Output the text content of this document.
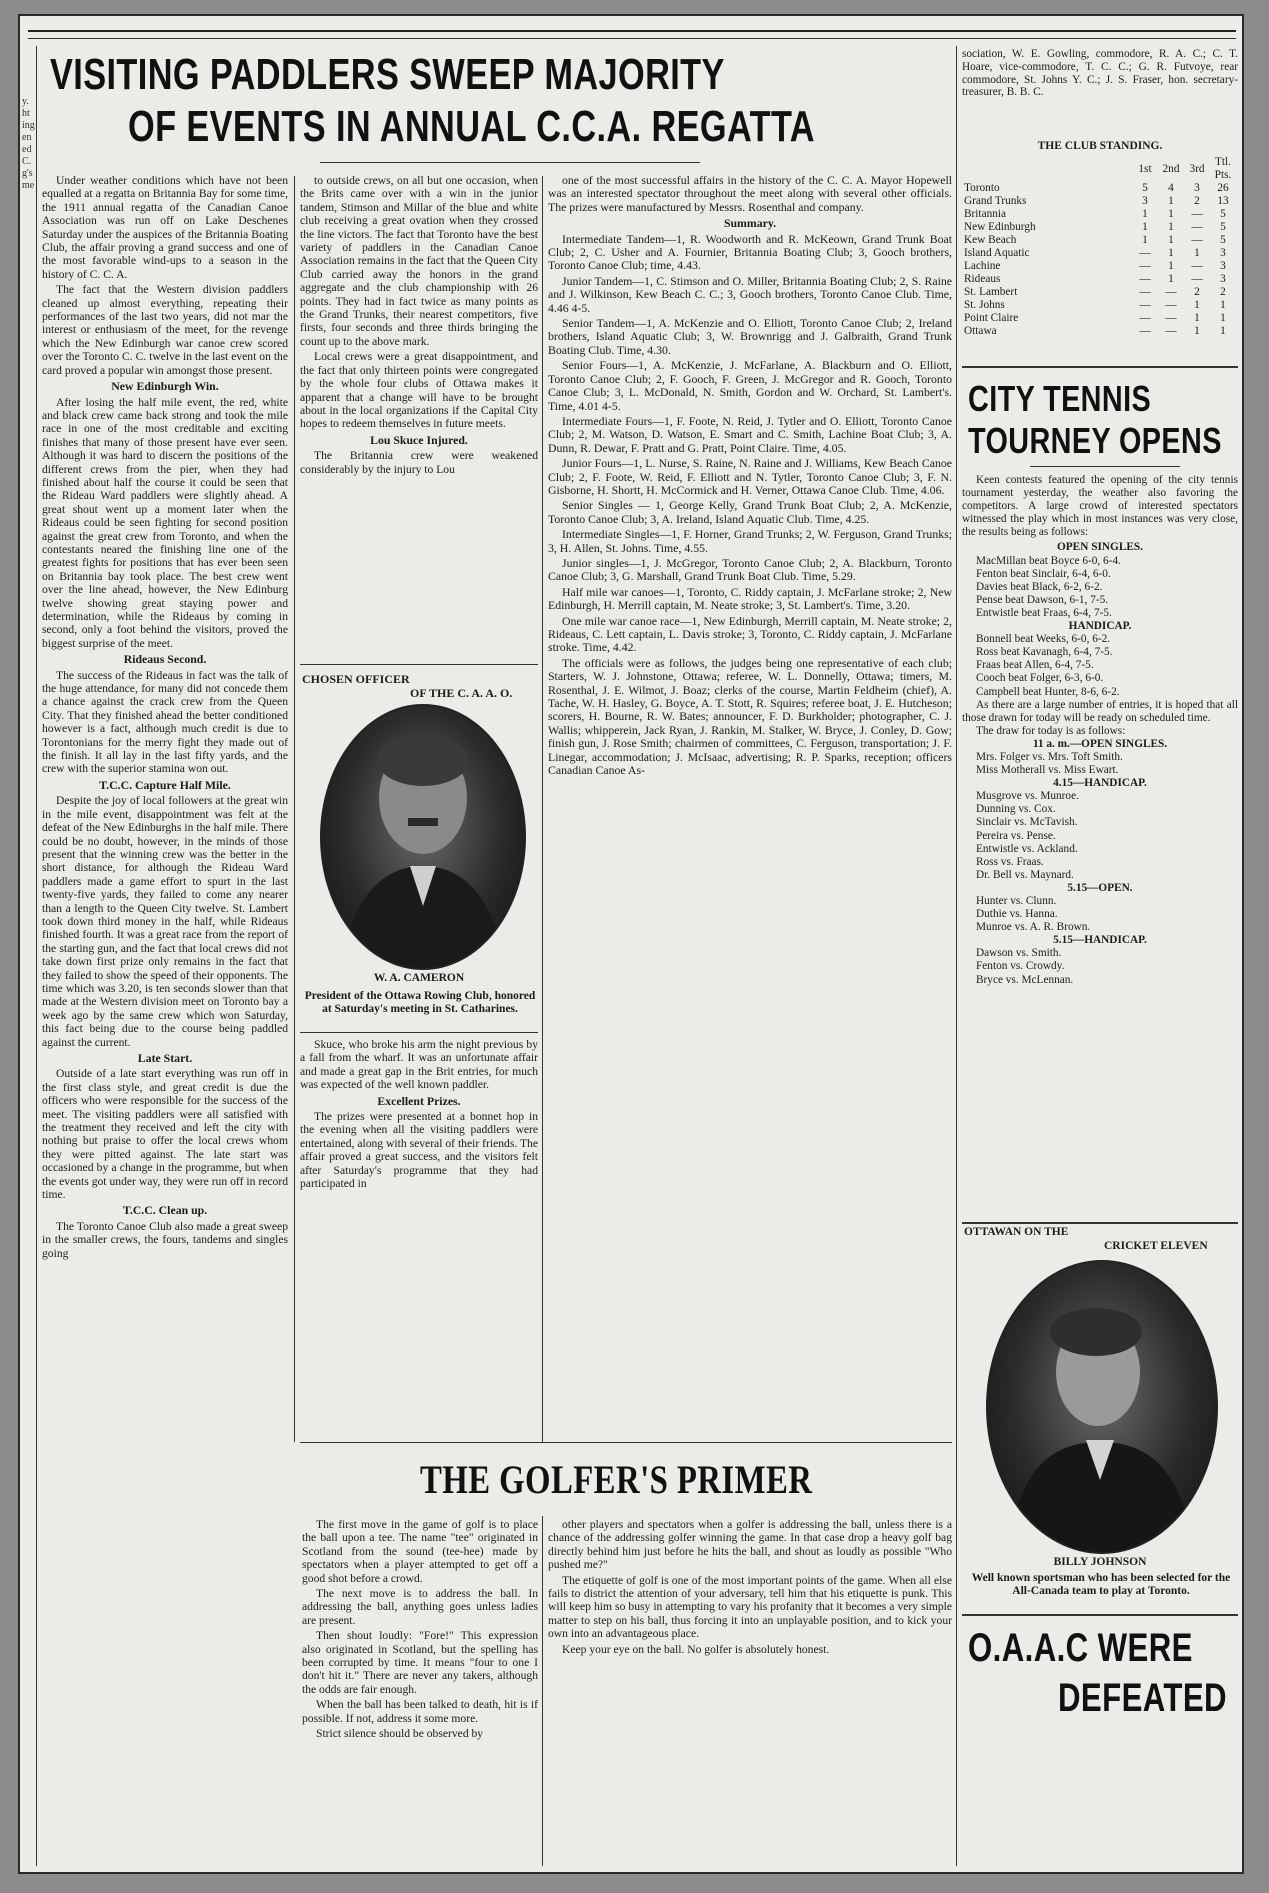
y.
ht
ing
en
ed
C.
g's
me
VISITING PADDLERS SWEEP MAJORITY
OF EVENTS IN ANNUAL C.C.A. REGATTA

Under weather conditions which have not been equalled at a regatta on Britannia Bay for some time, the 1911 annual regatta of the Canadian Canoe Association was run off on Lake Deschenes Saturday under the auspices of the Britannia Boating Club, the affair proving a grand success and one of the most favorable wind-ups to a season in the history of C. C. A.

The fact that the Western division paddlers cleaned up almost everything, repeating their performances of the last two years, did not mar the interest or enthusiasm of the meet, for the revenge which the New Edinburgh war canoe crew scored over the Toronto C. C. twelve in the last event on the card proved a popular win amongst those present.

New Edinburgh Win.

After losing the half mile event, the red, white and black crew came back strong and took the mile race in one of the most creditable and exciting finishes that many of those present have ever seen. Although it was hard to discern the positions of the different crews from the pier, when they had finished about half the course it could be seen that the Rideau Ward paddlers were slightly ahead. A great shout went up a moment later when the Rideaus could be seen fighting for second position against the great crew from Toronto, and when the contestants neared the finishing line one of the greatest fights for positions that has ever been seen on Britannia bay took place. The best crew went over the line ahead, however, the New Edinburg twelve showing great staying power and determination, while the Rideaus by coming in second, only a foot behind the visitors, proved the biggest surprise of the meet.

Rideaus Second.

The success of the Rideaus in fact was the talk of the huge attendance, for many did not concede them a chance against the crack crew from the Queen City. That they finished ahead the better conditioned however is a fact, although much credit is due to Torontonians for the merry fight they made out of the finish. It all lay in the last fifty yards, and the crew with the superior stamina won out.

T.C.C. Capture Half Mile.

Despite the joy of local followers at the great win in the mile event, disappointment was felt at the defeat of the New Edinburghs in the half mile. There could be no doubt, however, in the minds of those present that the winning crew was the better in the short distance, for although the Rideau Ward paddlers made a game effort to spurt in the last twenty-five yards, they failed to come any nearer than a length to the Queen City twelve. St. Lambert took down third money in the half, while Rideaus finished fourth. It was a great race from the report of the starting gun, and the fact that local crews did not take down first prize only remains in the fact that they failed to show the speed of their opponents. The time which was 3.20, is ten seconds slower than that made at the Western division meet on Toronto bay a week ago by the same crew which won Saturday, this fact being due to the course being paddled against the current.

Late Start.

Outside of a late start everything was run off in the first class style, and great credit is due the officers who were responsible for the success of the meet. The visiting paddlers were all satisfied with the treatment they received and left the city with nothing but praise to offer the local crews whom they were pitted against. The late start was occasioned by a change in the programme, but when the events got under way, they were run off in record time.

T.C.C. Clean up.

The Toronto Canoe Club also made a great sweep in the smaller crews, the fours, tandems and singles going

to outside crews, on all but one occasion, when the Brits came over with a win in the junior tandem, Stimson and Millar of the blue and white club receiving a great ovation when they crossed the line victors. The fact that Toronto have the best variety of paddlers in the Canadian Canoe Association remains in the fact that the Queen City Club carried away the honors in the grand aggregate and the club championship with 26 points. They had in fact twice as many points as the Grand Trunks, their nearest competitors, five firsts, four seconds and three thirds bringing the count up to the above mark.

Local crews were a great disappointment, and the fact that only thirteen points were congregated by the whole four clubs of Ottawa makes it apparent that a change will have to be brought about in the local organizations if the Capital City hopes to redeem themselves in future meets.

Lou Skuce Injured.

The Britannia crew were weakened considerably by the injury to Lou

CHOSEN OFFICER
OF THE C. A. A. O.
W. A. CAMERON
President of the Ottawa Rowing Club, honored at Saturday's meeting in St. Catharines.

Skuce, who broke his arm the night previous by a fall from the wharf. It was an unfortunate affair and made a great gap in the Brit entries, for much was expected of the well known paddler.

Excellent Prizes.

The prizes were presented at a bonnet hop in the evening when all the visiting paddlers were entertained, along with several of their friends. The affair proved a great success, and the visitors felt after Saturday's programme that they had participated in

one of the most successful affairs in the history of the C. C. A. Mayor Hopewell was an interested spectator throughout the meet along with several other officials. The prizes were manufactured by Messrs. Rosenthal and company.

Summary.

Intermediate Tandem—1, R. Woodworth and R. McKeown, Grand Trunk Boat Club; 2, C. Usher and A. Fournier, Britannia Boating Club; 3, Gooch brothers, Toronto Canoe Club; time, 4.43.

Junior Tandem—1, C. Stimson and O. Miller, Britannia Boating Club; 2, S. Raine and J. Wilkinson, Kew Beach C. C.; 3, Gooch brothers, Toronto Canoe Club. Time, 4.46 4-5.

Senior Tandem—1, A. McKenzie and O. Elliott, Toronto Canoe Club; 2, Ireland brothers, Island Aquatic Club; 3, W. Brownrigg and J. Galbraith, Grand Trunk Boating Club. Time, 4.30.

Senior Fours—1, A. McKenzie, J. McFarlane, A. Blackburn and O. Elliott, Toronto Canoe Club; 2, F. Gooch, F. Green, J. McGregor and R. Gooch, Toronto Canoe Club; 3, L. McDonald, N. Smith, Gordon and W. Orchard, St. Lambert's. Time, 4.01 4-5.

Intermediate Fours—1, F. Foote, N. Reid, J. Tytler and O. Elliott, Toronto Canoe Club; 2, M. Watson, D. Watson, E. Smart and C. Smith, Lachine Boat Club; 3, A. Dunn, R. Dewar, F. Pratt and G. Pratt, Point Claire. Time, 4.05.

Junior Fours—1, L. Nurse, S. Raine, N. Raine and J. Williams, Kew Beach Canoe Club; 2, F. Foote, W. Reid, F. Elliott and N. Tytler, Toronto Canoe Club; 3, F. N. Gisborne, H. Shortt, H. McCormick and H. Verner, Ottawa Canoe Club. Time, 4.06.

Senior Singles — 1, George Kelly, Grand Trunk Boat Club; 2, A. McKenzie, Toronto Canoe Club; 3, A. Ireland, Island Aquatic Club. Time, 4.25.

Intermediate Singles—1, F. Horner, Grand Trunks; 2, W. Ferguson, Grand Trunks; 3, H. Allen, St. Johns. Time, 4.55.

Junior singles—1, J. McGregor, Toronto Canoe Club; 2, A. Blackburn, Toronto Canoe Club; 3, G. Marshall, Grand Trunk Boat Club. Time, 5.29.

Half mile war canoes—1, Toronto, C. Riddy captain, J. McFarlane stroke; 2, New Edinburgh, H. Merrill captain, M. Neate stroke; 3, St. Lambert's. Time, 3.20.

One mile war canoe race—1, New Edinburgh, Merrill captain, M. Neate stroke; 2, Rideaus, C. Lett captain, L. Davis stroke; 3, Toronto, C. Riddy captain, J. McFarlane stroke. Time, 4.42.

The officials were as follows, the judges being one representative of each club; Starters, W. J. Johnstone, Ottawa; referee, W. L. Donnelly, Ottawa; timers, M. Rosenthal, J. E. Wilmot, J. Boaz; clerks of the course, Martin Feldheim (chief), A. Tache, W. H. Hasley, G. Boyce, A. T. Stott, R. Squires; referee boat, J. E. Hutcheson; scorers, H. Bourne, R. W. Bates; announcer, F. D. Burkholder; photographer, C. J. Wallis; whipperein, Jack Ryan, J. Rankin, M. Stalker, W. Bryce, J. Conley, D. Gow; finish gun, J. Rose Smith; chairmen of committees, C. Ferguson, transportation; J. F. Linegar, accommodation; J. McIsaac, advertising; R. P. Sparks, reception; officers Canadian Canoe As-

THE GOLFER'S PRIMER

The first move in the game of golf is to place the ball upon a tee. The name "tee" originated in Scotland from the sound (tee-hee) made by spectators when a player attempted to get off a good shot before a crowd.

The next move is to address the ball. In addressing the ball, anything goes unless ladies are present.

Then shout loudly: "Fore!" This expression also originated in Scotland, but the spelling has been corrupted by time. It means "four to one I don't hit it." There are never any takers, although the odds are fair enough.

When the ball has been talked to death, hit is if possible. If not, address it some more.

Strict silence should be observed by

other players and spectators when a golfer is addressing the ball, unless there is a chance of the addressing golfer winning the game. In that case drop a heavy golf bag directly behind him just before he hits the ball, and shout as loudly as possible "Who pushed me?"

The etiquette of golf is one of the most important points of the game. When all else fails to district the attention of your adversary, tell him that his etiquette is punk. This will keep him so busy in attempting to vary his profanity that it becomes a very simple matter to step on his ball, thus forcing it into an unplayable position, and to kick your own into an advantageous place.

Keep your eye on the ball. No golfer is absolutely honest.

sociation, W. E. Gowling, commodore, R. A. C.; C. T. Hoare, vice-commodore, T. C. C.; G. R. Futvoye, rear commodore, St. Johns Y. C.; J. S. Fraser, hon. secretary-treasurer, B. B. C.

THE CLUB STANDING.
	1st	2nd	3rd	Ttl. Pts.
Toronto	5	4	3	26
Grand Trunks	3	1	2	13
Britannia	1	1	—	5
New Edinburgh	1	1	—	5
Kew Beach	1	1	—	5
Island Aquatic	—	1	1	3
Lachine	—	1	—	3
Rideaus	—	1	—	3
St. Lambert	—	—	2	2
St. Johns	—	—	1	1
Point Claire	—	—	1	1
Ottawa	—	—	1	1
CITY TENNIS
TOURNEY OPENS

Keen contests featured the opening of the city tennis tournament yesterday, the weather also favoring the competitors. A large crowd of interested spectators witnessed the play which in most instances was very close, the results being as follows:

OPEN SINGLES.

MacMillan beat Boyce 6-0, 6-4.

Fenton beat Sinclair, 6-4, 6-0.

Davies beat Black, 6-2, 6-2.

Pense beat Dawson, 6-1, 7-5.

Entwistle beat Fraas, 6-4, 7-5.

HANDICAP.

Bonnell beat Weeks, 6-0, 6-2.

Ross beat Kavanagh, 6-4, 7-5.

Fraas beat Allen, 6-4, 7-5.

Cooch beat Folger, 6-3, 6-0.

Campbell beat Hunter, 8-6, 6-2.

As there are a large number of entries, it is hoped that all those drawn for today will be ready on scheduled time.

The draw for today is as follows:

11 a. m.—OPEN SINGLES.

Mrs. Folger vs. Mrs. Toft Smith.

Miss Motherall vs. Miss Ewart.

4.15—HANDICAP.

Musgrove vs. Munroe.

Dunning vs. Cox.

Sinclair vs. McTavish.

Pereira vs. Pense.

Entwistle vs. Ackland.

Ross vs. Fraas.

Dr. Bell vs. Maynard.

5.15—OPEN.

Hunter vs. Clunn.

Duthie vs. Hanna.

Munroe vs. A. R. Brown.

5.15—HANDICAP.

Dawson vs. Smith.

Fenton vs. Crowdy.

Bryce vs. McLennan.

OTTAWAN ON THE
CRICKET ELEVEN
BILLY JOHNSON
Well known sportsman who has been selected for the All-Canada team to play at Toronto.
O.A.A.C WERE
DEFEATED
